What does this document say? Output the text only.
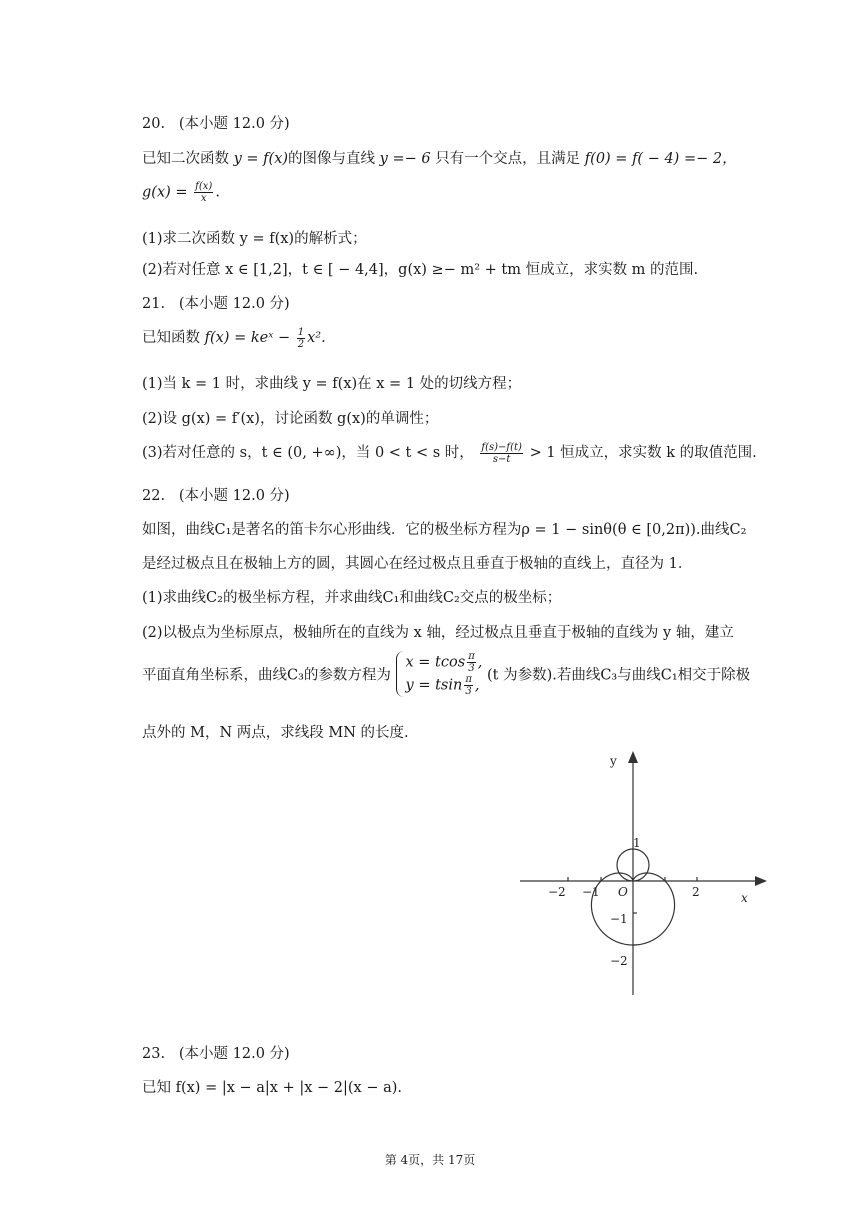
20.   (本小题 12.0 分)
已知二次函数 y = f(x)的图像与直线 y =− 6 只有一个交点，且满足 f(0) = f( − 4) =− 2，
$g(x) = \frac{f(x)}{x}$ .
(1)求二次函数 y = f(x)的解析式；
(2)若对任意 x ∈ [1,2]，t ∈ [ − 4,4]，g(x) ≥− m² + tm 恒成立，求实数 m 的范围.
21.   (本小题 12.0 分)
已知函数 f(x) = keˣ − $\frac{1}{2} x^2$.
(1)当 k = 1 时，求曲线 y = f(x)在 x = 1 处的切线方程；
(2)设 g(x) = f′(x)，讨论函数 g(x)的单调性；
(3)若对任意的 s，t ∈ (0, +∞)，当 0 < t < s 时， $\frac{f(s)-f(t)}{s-t} > 1$ 恒成立，求实数 k 的取值范围.
22.   (本小题 12.0 分)
如图，曲线C₁是著名的笛卡尔心形曲线．它的极坐标方程为ρ = 1 − sinθ(θ ∈ [0,2π)).曲线C₂
是经过极点且在极轴上方的圆，其圆心在经过极点且垂直于极轴的直线上，直径为 1．
(1)求曲线C₂的极坐标方程，并求曲线C₁和曲线C₂交点的极坐标；
(2)以极点为坐标原点，极轴所在的直线为 x 轴，经过极点且垂直于极轴的直线为 y 轴，建立
平面直角坐标系，曲线C₃的参数方程为
x = tcos $\frac{\pi}{3}$ ,
y = tsin $\frac{\pi}{3}$ ,
(t 为参数).若曲线C₃与曲线C₁相交于除极
点外的 M，N 两点，求线段 MN 的长度.
y
x
O
−2 −1	2
1
−1
−2
23.   (本小题 12.0 分)
已知 f(x) = |x − a|x + |x − 2|(x − a).
第 4页，共 17页
